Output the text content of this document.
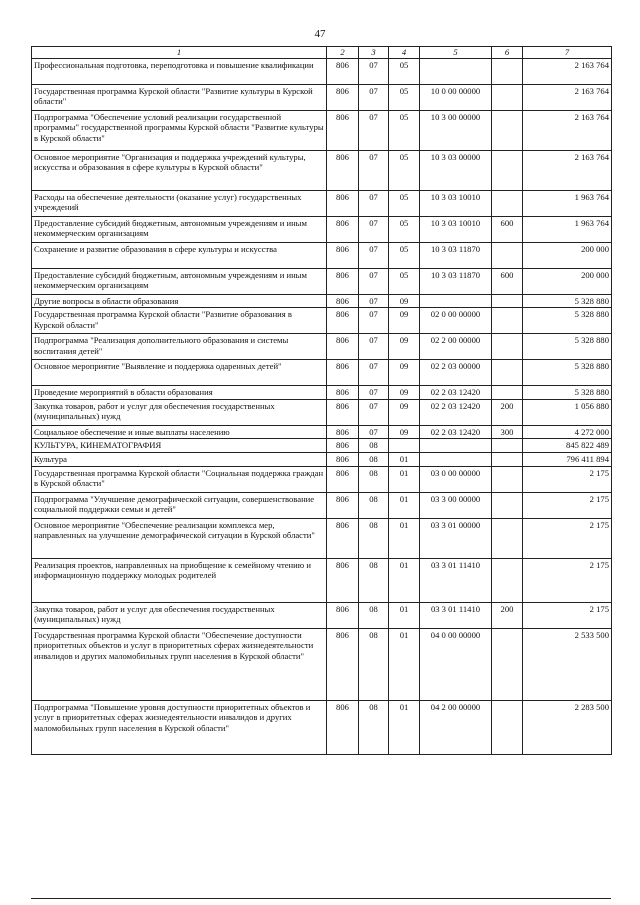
47
1	2	3	4	5	6	7
Профессиональная подготовка, переподготовка и повышение квалификации	806	07	05			2 163 764
Государственная программа Курской области "Развитие культуры в Курской области"	806	07	05	10 0 00 00000		2 163 764
Подпрограмма "Обеспечение условий реализации государственной программы" государственной программы Курской области "Развитие культуры в Курской области"	806	07	05	10 3 00 00000		2 163 764
Основное мероприятие "Организация и поддержка учреждений культуры, искусства и образования в сфере культуры в Курской области"	806	07	05	10 3 03 00000		2 163 764
Расходы на обеспечение деятельности (оказание услуг) государственных учреждений	806	07	05	10 3 03 10010		1 963 764
Предоставление субсидий бюджетным, автономным учреждениям и иным некоммерческим организациям	806	07	05	10 3 03 10010	600	1 963 764
Сохранение и развитие образования в сфере культуры и искусства	806	07	05	10 3 03 11870		200 000
Предоставление субсидий бюджетным, автономным учреждениям и иным некоммерческим организациям	806	07	05	10 3 03 11870	600	200 000
Другие вопросы в области образования	806	07	09			5 328 880
Государственная программа Курской области "Развитие образования в Курской области"	806	07	09	02 0 00 00000		5 328 880
Подпрограмма "Реализация дополнительного образования и системы воспитания детей"	806	07	09	02 2 00 00000		5 328 880
Основное мероприятие "Выявление и поддержка одаренных детей"	806	07	09	02 2 03 00000		5 328 880
Проведение мероприятий в области образования	806	07	09	02 2 03 12420		5 328 880
Закупка товаров, работ и услуг для обеспечения государственных (муниципальных) нужд	806	07	09	02 2 03 12420	200	1 056 880
Социальное обеспечение и иные выплаты населению	806	07	09	02 2 03 12420	300	4 272 000
КУЛЬТУРА, КИНЕМАТОГРАФИЯ	806	08				845 822 489
Культура	806	08	01			796 411 894
Государственная программа Курской области "Социальная поддержка граждан в Курской области"	806	08	01	03 0 00 00000		2 175
Подпрограмма "Улучшение демографической ситуации, совершенствование социальной поддержки семьи и детей"	806	08	01	03 3 00 00000		2 175
Основное мероприятие "Обеспечение реализации комплекса мер, направленных на улучшение демографической ситуации в Курской области"	806	08	01	03 3 01 00000		2 175
Реализация проектов, направленных на приобщение к семейному чтению и информационную поддержку молодых родителей	806	08	01	03 3 01 11410		2 175
Закупка товаров, работ и услуг для обеспечения государственных (муниципальных) нужд	806	08	01	03 3 01 11410	200	2 175
Государственная программа Курской области "Обеспечение доступности приоритетных объектов и услуг в приоритетных сферах жизнедеятельности инвалидов и других маломобильных групп населения в Курской области"	806	08	01	04 0 00 00000		2 533 500
Подпрограмма "Повышение уровня доступности приоритетных объектов и услуг в приоритетных сферах жизнедеятельности инвалидов и других маломобильных групп населения в Курской области"	806	08	01	04 2 00 00000		2 283 500
